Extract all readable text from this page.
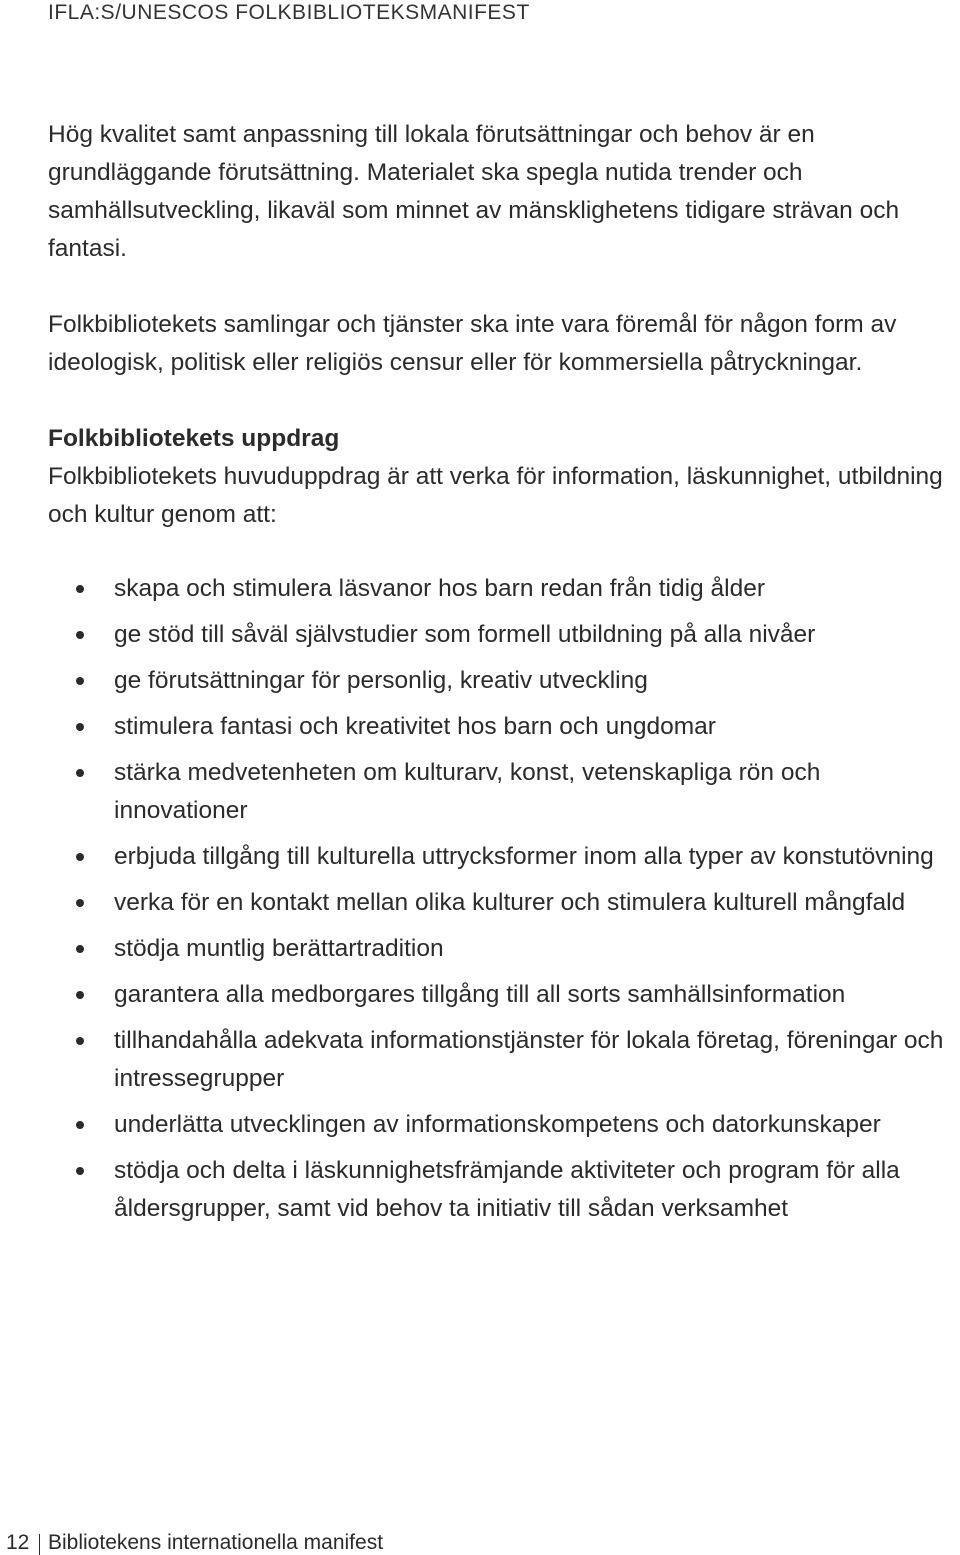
IFLA:S/UNESCOS FOLKBIBLIOTEKSMANIFEST

Hög kvalitet samt anpassning till lokala förutsättningar och behov är en grundläggande förutsättning. Materialet ska spegla nutida trender och samhällsutveckling, likaväl som minnet av mänsklighetens tidigare strävan och fantasi.

Folkbibliotekets samlingar och tjänster ska inte vara föremål för någon form av ideologisk, politisk eller religiös censur eller för kommersiella påtryckningar.

Folkbibliotekets uppdrag

Folkbibliotekets huvuduppdrag är att verka för information, läskunnighet, utbildning och kultur genom att:

skapa och stimulera läsvanor hos barn redan från tidig ålder
ge stöd till såväl självstudier som formell utbildning på alla nivåer
ge förutsättningar för personlig, kreativ utveckling
stimulera fantasi och kreativitet hos barn och ungdomar
stärka medvetenheten om kulturarv, konst, vetenskapliga rön och innovationer
erbjuda tillgång till kulturella uttrycksformer inom alla typer av konstutövning
verka för en kontakt mellan olika kulturer och stimulera kulturell mångfald
stödja muntlig berättartradition
garantera alla medborgares tillgång till all sorts samhällsinformation
tillhandahålla adekvata informationstjänster för lokala företag, föreningar och intressegrupper
underlätta utvecklingen av informationskompetens och datorkunskaper
stödja och delta i läskunnighetsfrämjande aktiviteter och program för alla åldersgrupper, samt vid behov ta initiativ till sådan verksamhet
12 Bibliotekens internationella manifest
